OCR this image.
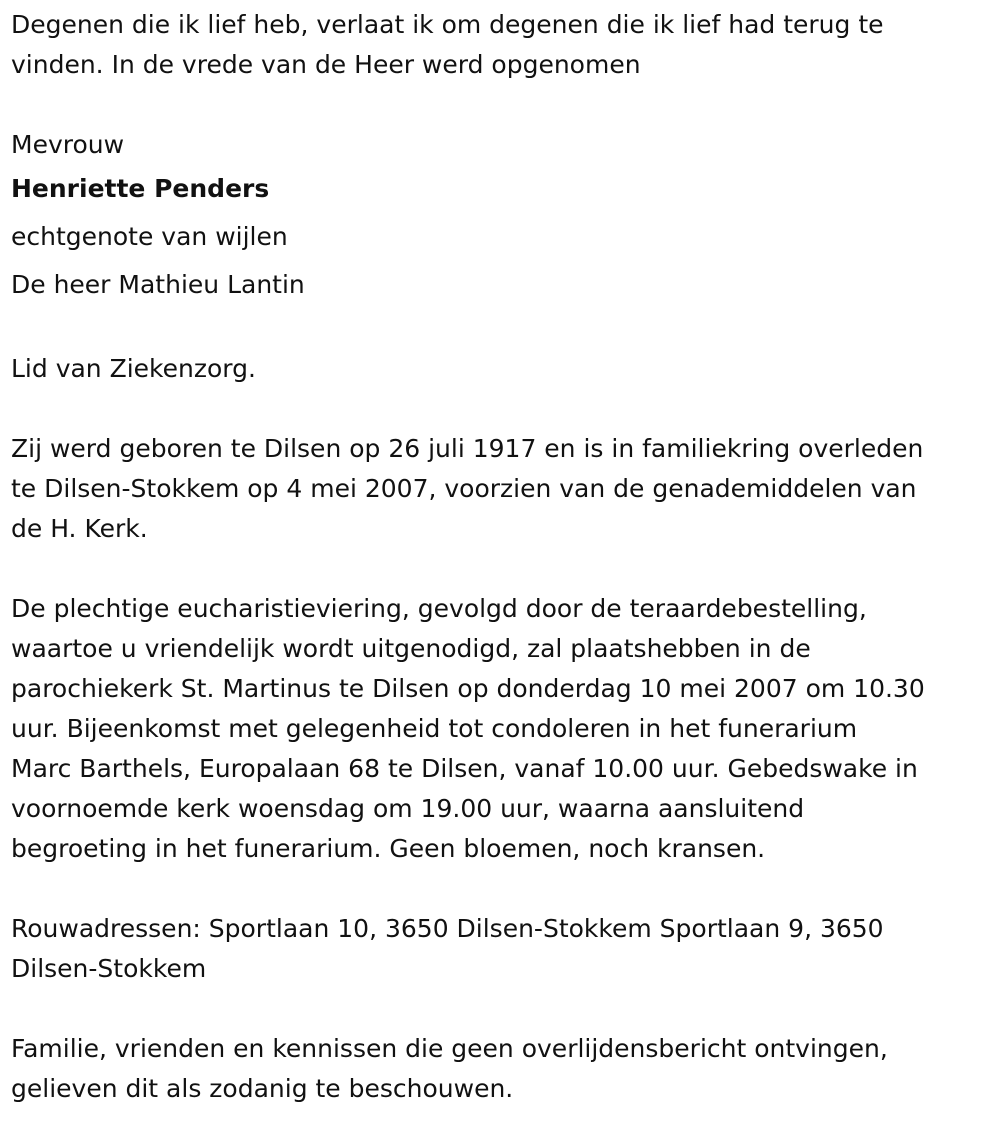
Degenen die ik lief heb, verlaat ik om degenen die ik lief had terug te

vinden. In de vrede van de Heer werd opgenomen

Mevrouw

Henriette Penders

echtgenote van wijlen

De heer Mathieu Lantin

Lid van Ziekenzorg.

Zij werd geboren te Dilsen op 26 juli 1917 en is in familiekring overleden

te Dilsen-Stokkem op 4 mei 2007, voorzien van de genademiddelen van

de H. Kerk.

De plechtige eucharistieviering, gevolgd door de teraardebestelling,

waartoe u vriendelijk wordt uitgenodigd, zal plaatshebben in de

parochiekerk St. Martinus te Dilsen op donderdag 10 mei 2007 om 10.30

uur. Bijeenkomst met gelegenheid tot condoleren in het funerarium

Marc Barthels, Europalaan 68 te Dilsen, vanaf 10.00 uur. Gebedswake in

voornoemde kerk woensdag om 19.00 uur, waarna aansluitend

begroeting in het funerarium. Geen bloemen, noch kransen.

Rouwadressen: Sportlaan 10, 3650 Dilsen-Stokkem Sportlaan 9, 3650

Dilsen-Stokkem

Familie, vrienden en kennissen die geen overlijdensbericht ontvingen,

gelieven dit als zodanig te beschouwen.
